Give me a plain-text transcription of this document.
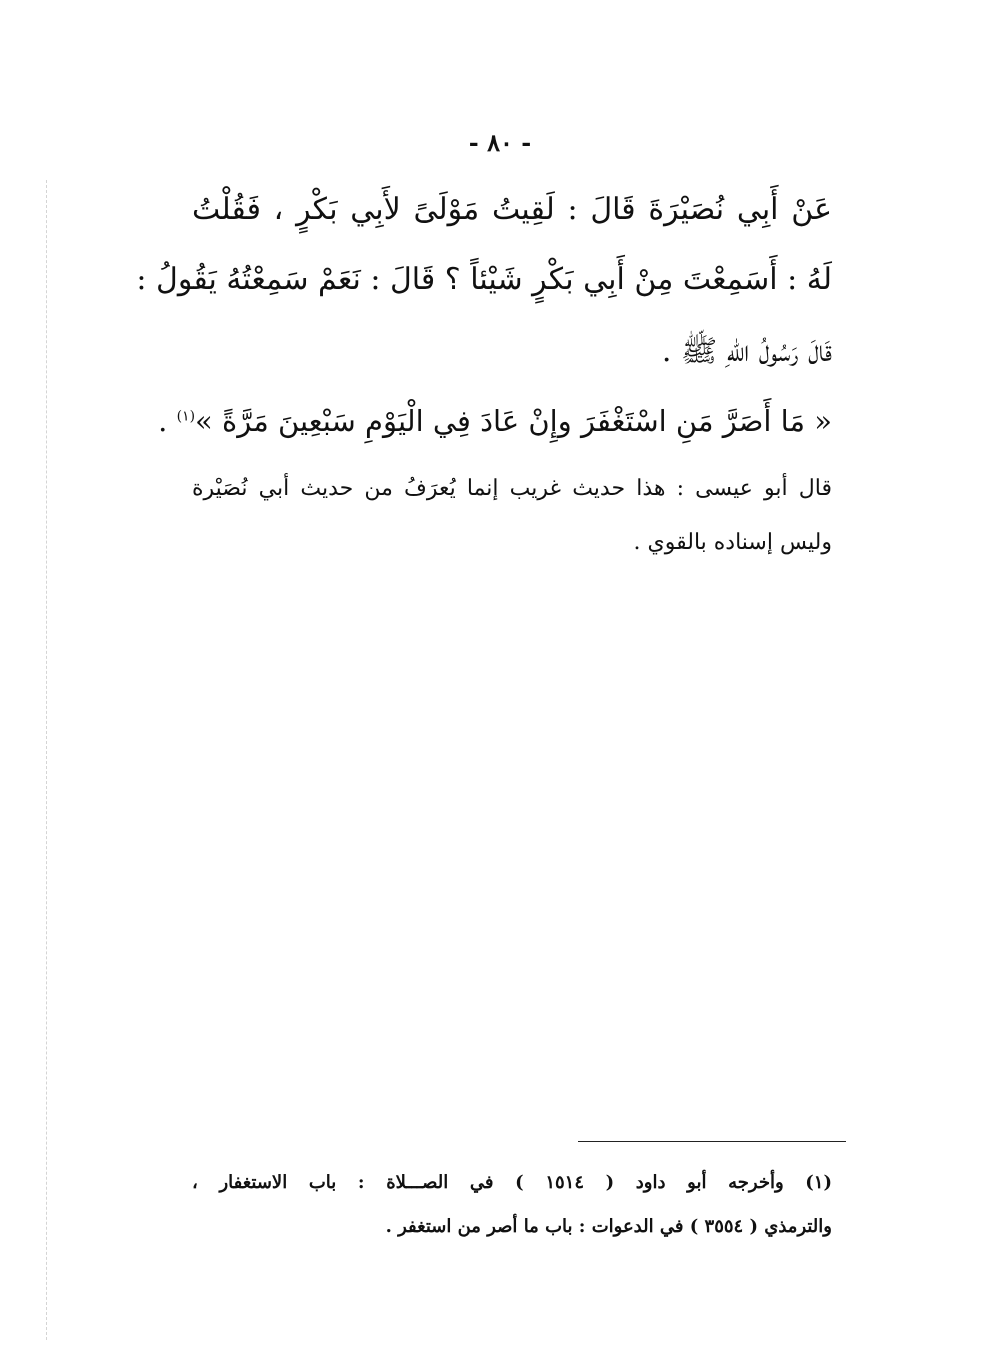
- ٨٠ -
عَنْ أَبِي نُصَيْرَةَ قَالَ : لَقِيتُ مَوْلَىً لأَبِي بَكْرٍ ، فَقُلْتُ
لَهُ : أَسَمِعْتَ مِنْ أَبِي بَكْرٍ شَيْئاً ؟ قَالَ : نَعَمْ سَمِعْتُهُ يَقُولُ :
قَالَ رَسُولُ اللهِ ﷺ .
« مَا أَصَرَّ مَنِ اسْتَغْفَرَ وإِنْ عَادَ فِي الْيَوْمِ سَبْعِينَ مَرَّةً »$^{(١)}$ .
قال أبو عيسى : هذا حديث غريب إنما يُعرَفُ من حديث أبي نُصَيْرة
وليس إسناده بالقوي .
(١) وأخرجه أبو داود ( ١٥١٤ ) في الصـــلاة : باب الاستغفار ،
والترمذي ( ٣٥٥٤ ) في الدعوات : باب ما أصر من استغفر .
